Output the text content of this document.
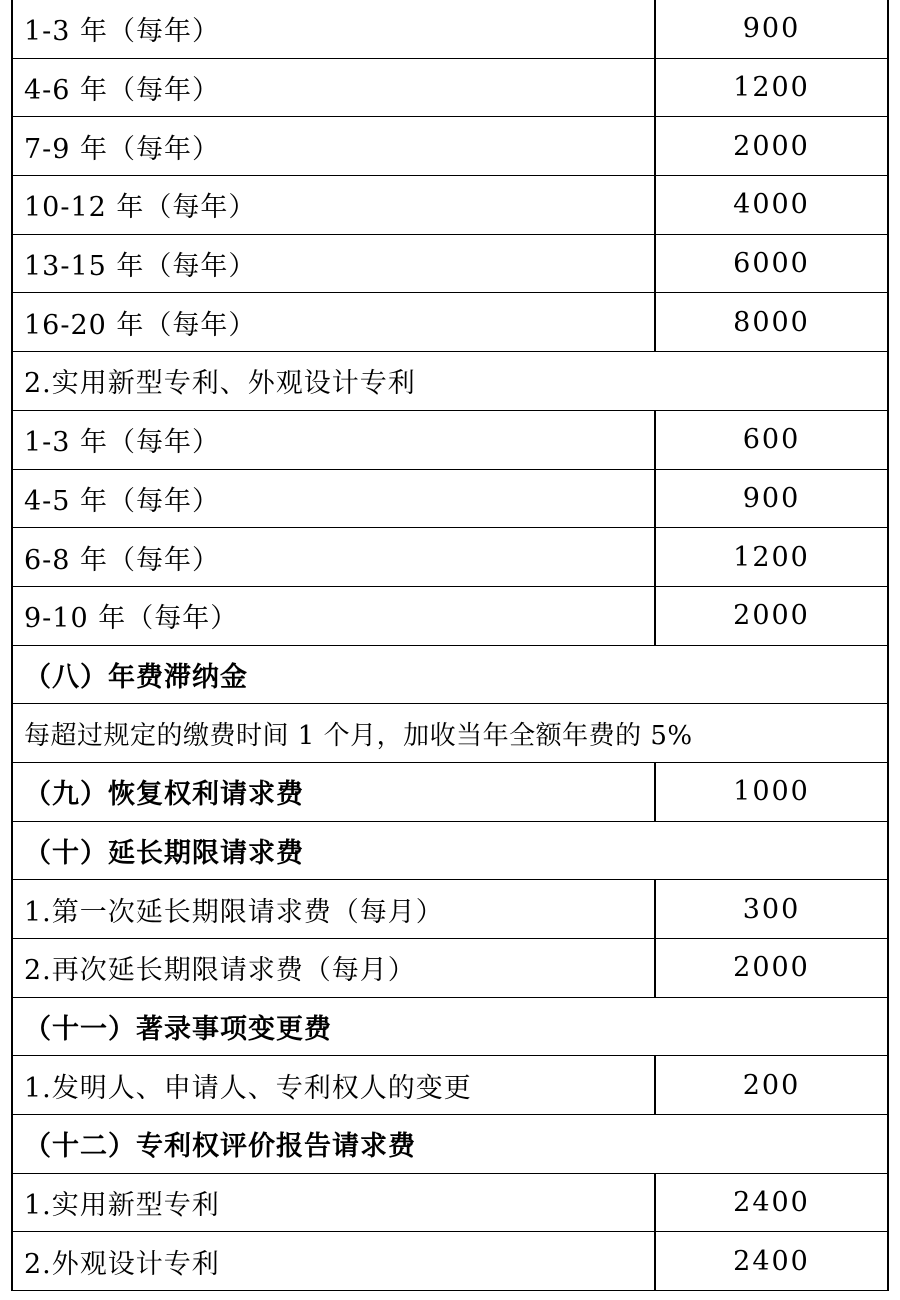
1-3 年（每年）	900
4-6 年（每年）	1200
7-9 年（每年）	2000
10-12 年（每年）	4000
13-15 年（每年）	6000
16-20 年（每年）	8000
2.实用新型专利、外观设计专利
1-3 年（每年）	600
4-5 年（每年）	900
6-8 年（每年）	1200
9-10 年（每年）	2000
（八）年费滞纳金
每超过规定的缴费时间 1 个月，加收当年全额年费的 5%
（九）恢复权利请求费	1000
（十）延长期限请求费
1.第一次延长期限请求费（每月）	300
2.再次延长期限请求费（每月）	2000
（十一）著录事项变更费
1.发明人、申请人、专利权人的变更	200
（十二）专利权评价报告请求费
1.实用新型专利	2400
2.外观设计专利	2400
